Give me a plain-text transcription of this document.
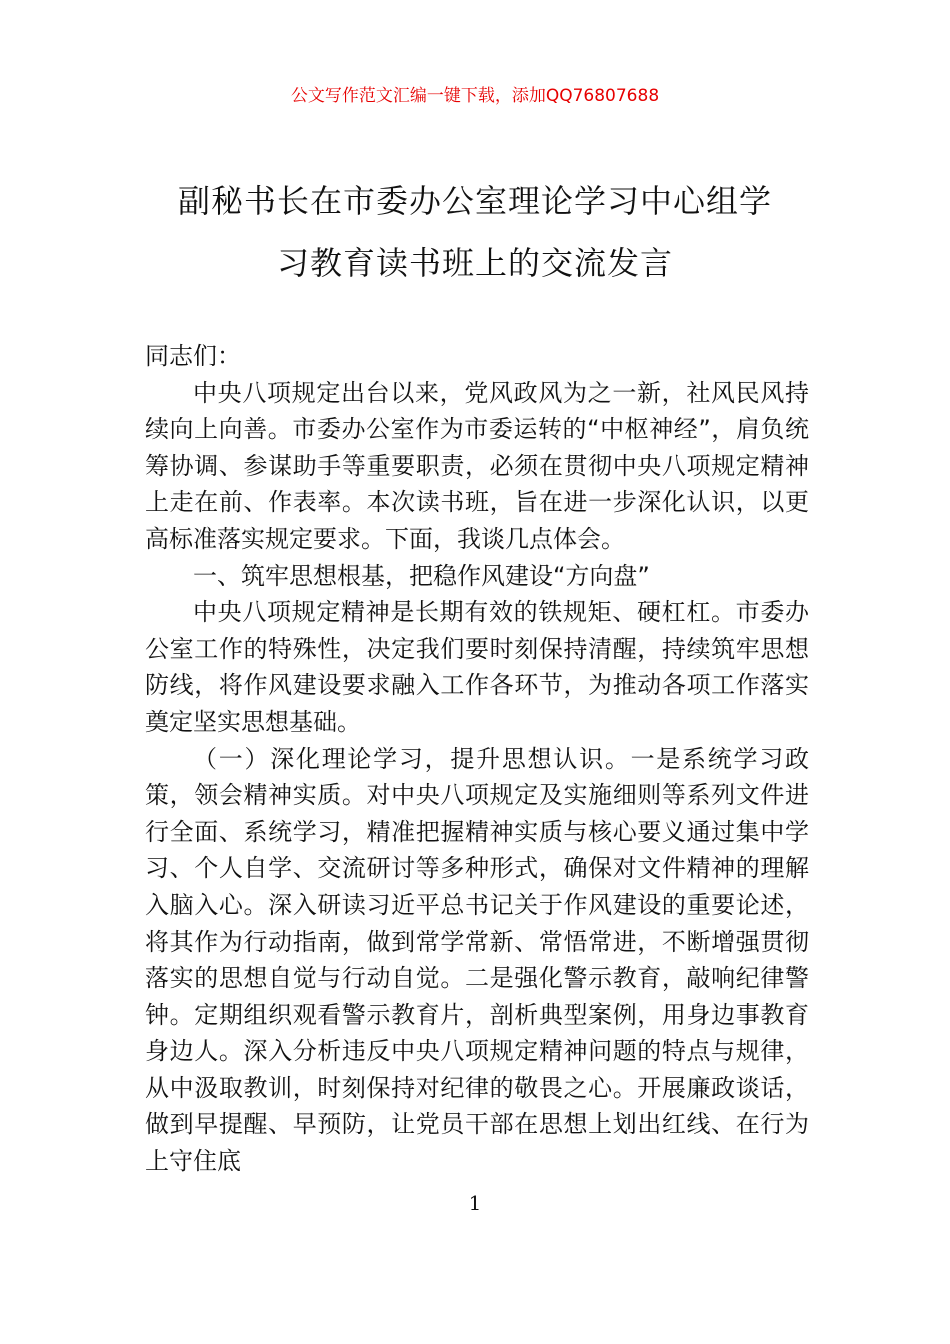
公文写作范文汇编一键下载，添加QQ76807688
副秘书长在市委办公室理论学习中心组学
习教育读书班上的交流发言

同志们：

中央八项规定出台以来，党风政风为之一新，社风民风持续向上向善。市委办公室作为市委运转的“中枢神经”，肩负统筹协调、参谋助手等重要职责，必须在贯彻中央八项规定精神上走在前、作表率。本次读书班，旨在进一步深化认识，以更高标准落实规定要求。下面，我谈几点体会。

一、筑牢思想根基，把稳作风建设“方向盘”

中央八项规定精神是长期有效的铁规矩、硬杠杠。市委办公室工作的特殊性，决定我们要时刻保持清醒，持续筑牢思想防线，将作风建设要求融入工作各环节，为推动各项工作落实奠定坚实思想基础。

（一）深化理论学习，提升思想认识。一是系统学习政策，领会精神实质。对中央八项规定及实施细则等系列文件进行全面、系统学习，精准把握精神实质与核心要义通过集中学习、个人自学、交流研讨等多种形式，确保对文件精神的理解入脑入心。深入研读习近平总书记关于作风建设的重要论述，将其作为行动指南，做到常学常新、常悟常进，不断增强贯彻落实的思想自觉与行动自觉。二是强化警示教育，敲响纪律警钟。定期组织观看警示教育片，剖析典型案例，用身边事教育身边人。深入分析违反中央八项规定精神问题的特点与规律，从中汲取教训，时刻保持对纪律的敬畏之心。开展廉政谈话，做到早提醒、早预防，让党员干部在思想上划出红线、在行为上守住底

1
